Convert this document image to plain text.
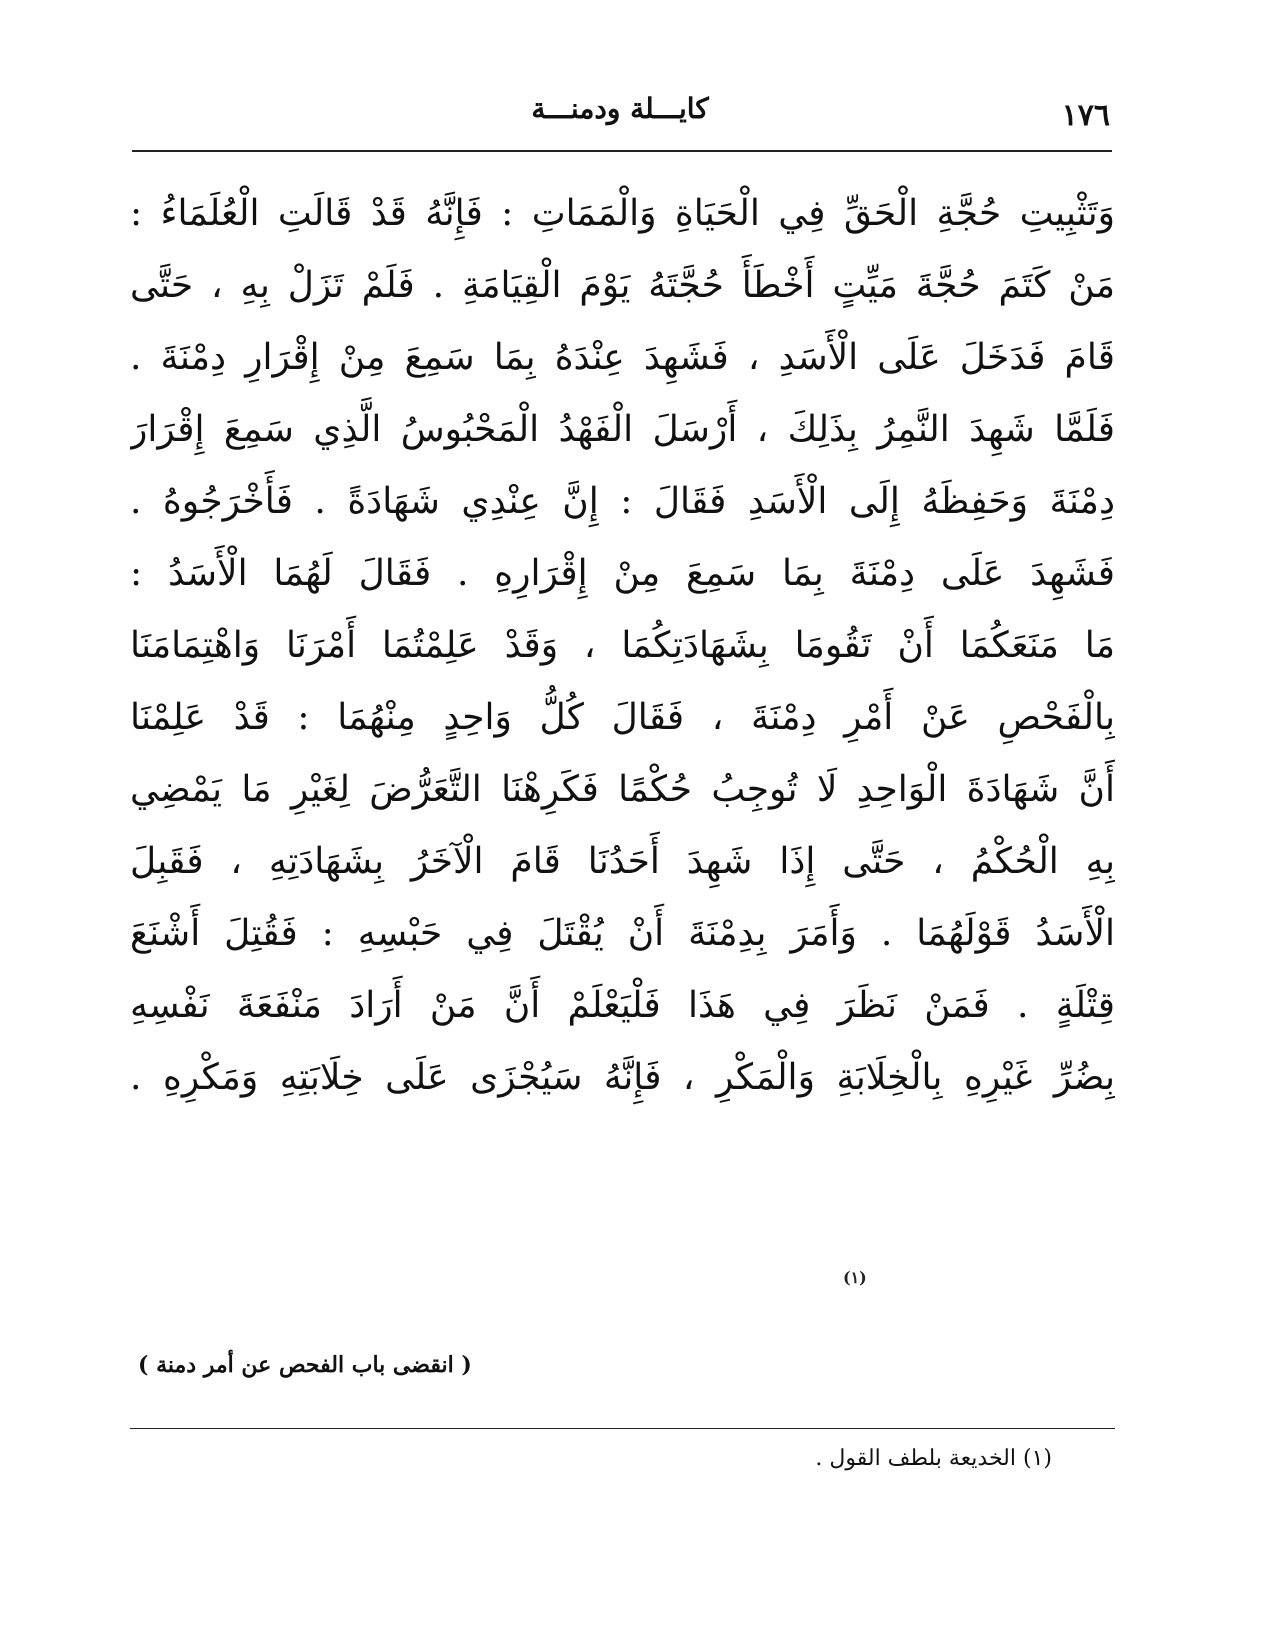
١٧٦
كايـــلة ودمنـــة
وَتَثْبِيتِ حُجَّةِ الْحَقِّ فِي الْحَيَاةِ وَالْمَمَاتِ : فَإِنَّهُ قَدْ قَالَتِ الْعُلَمَاءُ :
مَنْ كَتَمَ حُجَّةَ مَيِّتٍ أَخْطَأَ حُجَّتَهُ يَوْمَ الْقِيَامَةِ . فَلَمْ تَزَلْ بِهِ ، حَتَّى
قَامَ فَدَخَلَ عَلَى الْأَسَدِ ، فَشَهِدَ عِنْدَهُ بِمَا سَمِعَ مِنْ إِقْرَارِ دِمْنَةَ .
فَلَمَّا شَهِدَ النَّمِرُ بِذَلِكَ ، أَرْسَلَ الْفَهْدُ الْمَحْبُوسُ الَّذِي سَمِعَ إِقْرَارَ
دِمْنَةَ وَحَفِظَهُ إِلَى الْأَسَدِ فَقَالَ : إِنَّ عِنْدِي شَهَادَةً . فَأَخْرَجُوهُ .
فَشَهِدَ عَلَى دِمْنَةَ بِمَا سَمِعَ مِنْ إِقْرَارِهِ . فَقَالَ لَهُمَا الْأَسَدُ :
مَا مَنَعَكُمَا أَنْ تَقُومَا بِشَهَادَتِكُمَا ، وَقَدْ عَلِمْتُمَا أَمْرَنَا وَاهْتِمَامَنَا
بِالْفَحْصِ عَنْ أَمْرِ دِمْنَةَ ، فَقَالَ كُلُّ وَاحِدٍ مِنْهُمَا : قَدْ عَلِمْنَا
أَنَّ شَهَادَةَ الْوَاحِدِ لَا تُوجِبُ حُكْمًا فَكَرِهْنَا التَّعَرُّضَ لِغَيْرِ مَا يَمْضِي
بِهِ الْحُكْمُ ، حَتَّى إِذَا شَهِدَ أَحَدُنَا قَامَ الْآخَرُ بِشَهَادَتِهِ ، فَقَبِلَ
الْأَسَدُ قَوْلَهُمَا . وَأَمَرَ بِدِمْنَةَ أَنْ يُقْتَلَ فِي حَبْسِهِ : فَقُتِلَ أَشْنَعَ
قِتْلَةٍ . فَمَنْ نَظَرَ فِي هَذَا فَلْيَعْلَمْ أَنَّ مَنْ أَرَادَ مَنْفَعَةَ نَفْسِهِ
بِضُرِّ غَيْرِهِ بِالْخِلَابَةِ وَالْمَكْرِ ، فَإِنَّهُ سَيُجْزَى عَلَى خِلَابَتِهِ وَمَكْرِهِ .
(١)
( انقضى باب الفحص عن أمر دمنة )
(١) الخديعة بلطف القول .
